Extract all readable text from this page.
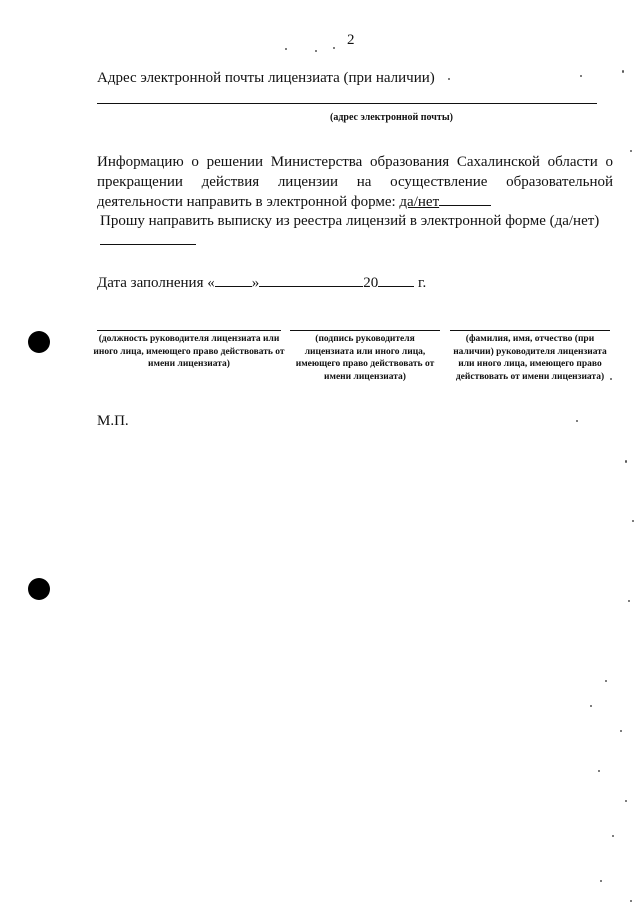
2
Адрес электронной почты лицензиата (при наличии)
(адрес электронной почты)
Информацию о решении Министерства образования Сахалинской области о прекращении действия лицензии на осуществление образовательной деятельности направить в электронной форме: да/нет
Прошу направить выписку из реестра лицензий в электронной форме (да/нет)
Дата заполнения « »	20	г.
(должность руководителя лицензиата или иного лица, имеющего право действовать от имени лицензиата)
(подпись руководителя лицензиата или иного лица, имеющего право действовать от имени лицензиата)
(фамилия, имя, отчество (при наличии) руководителя лицензиата или иного лица, имеющего право действовать от имени лицензиата)
М.П.
